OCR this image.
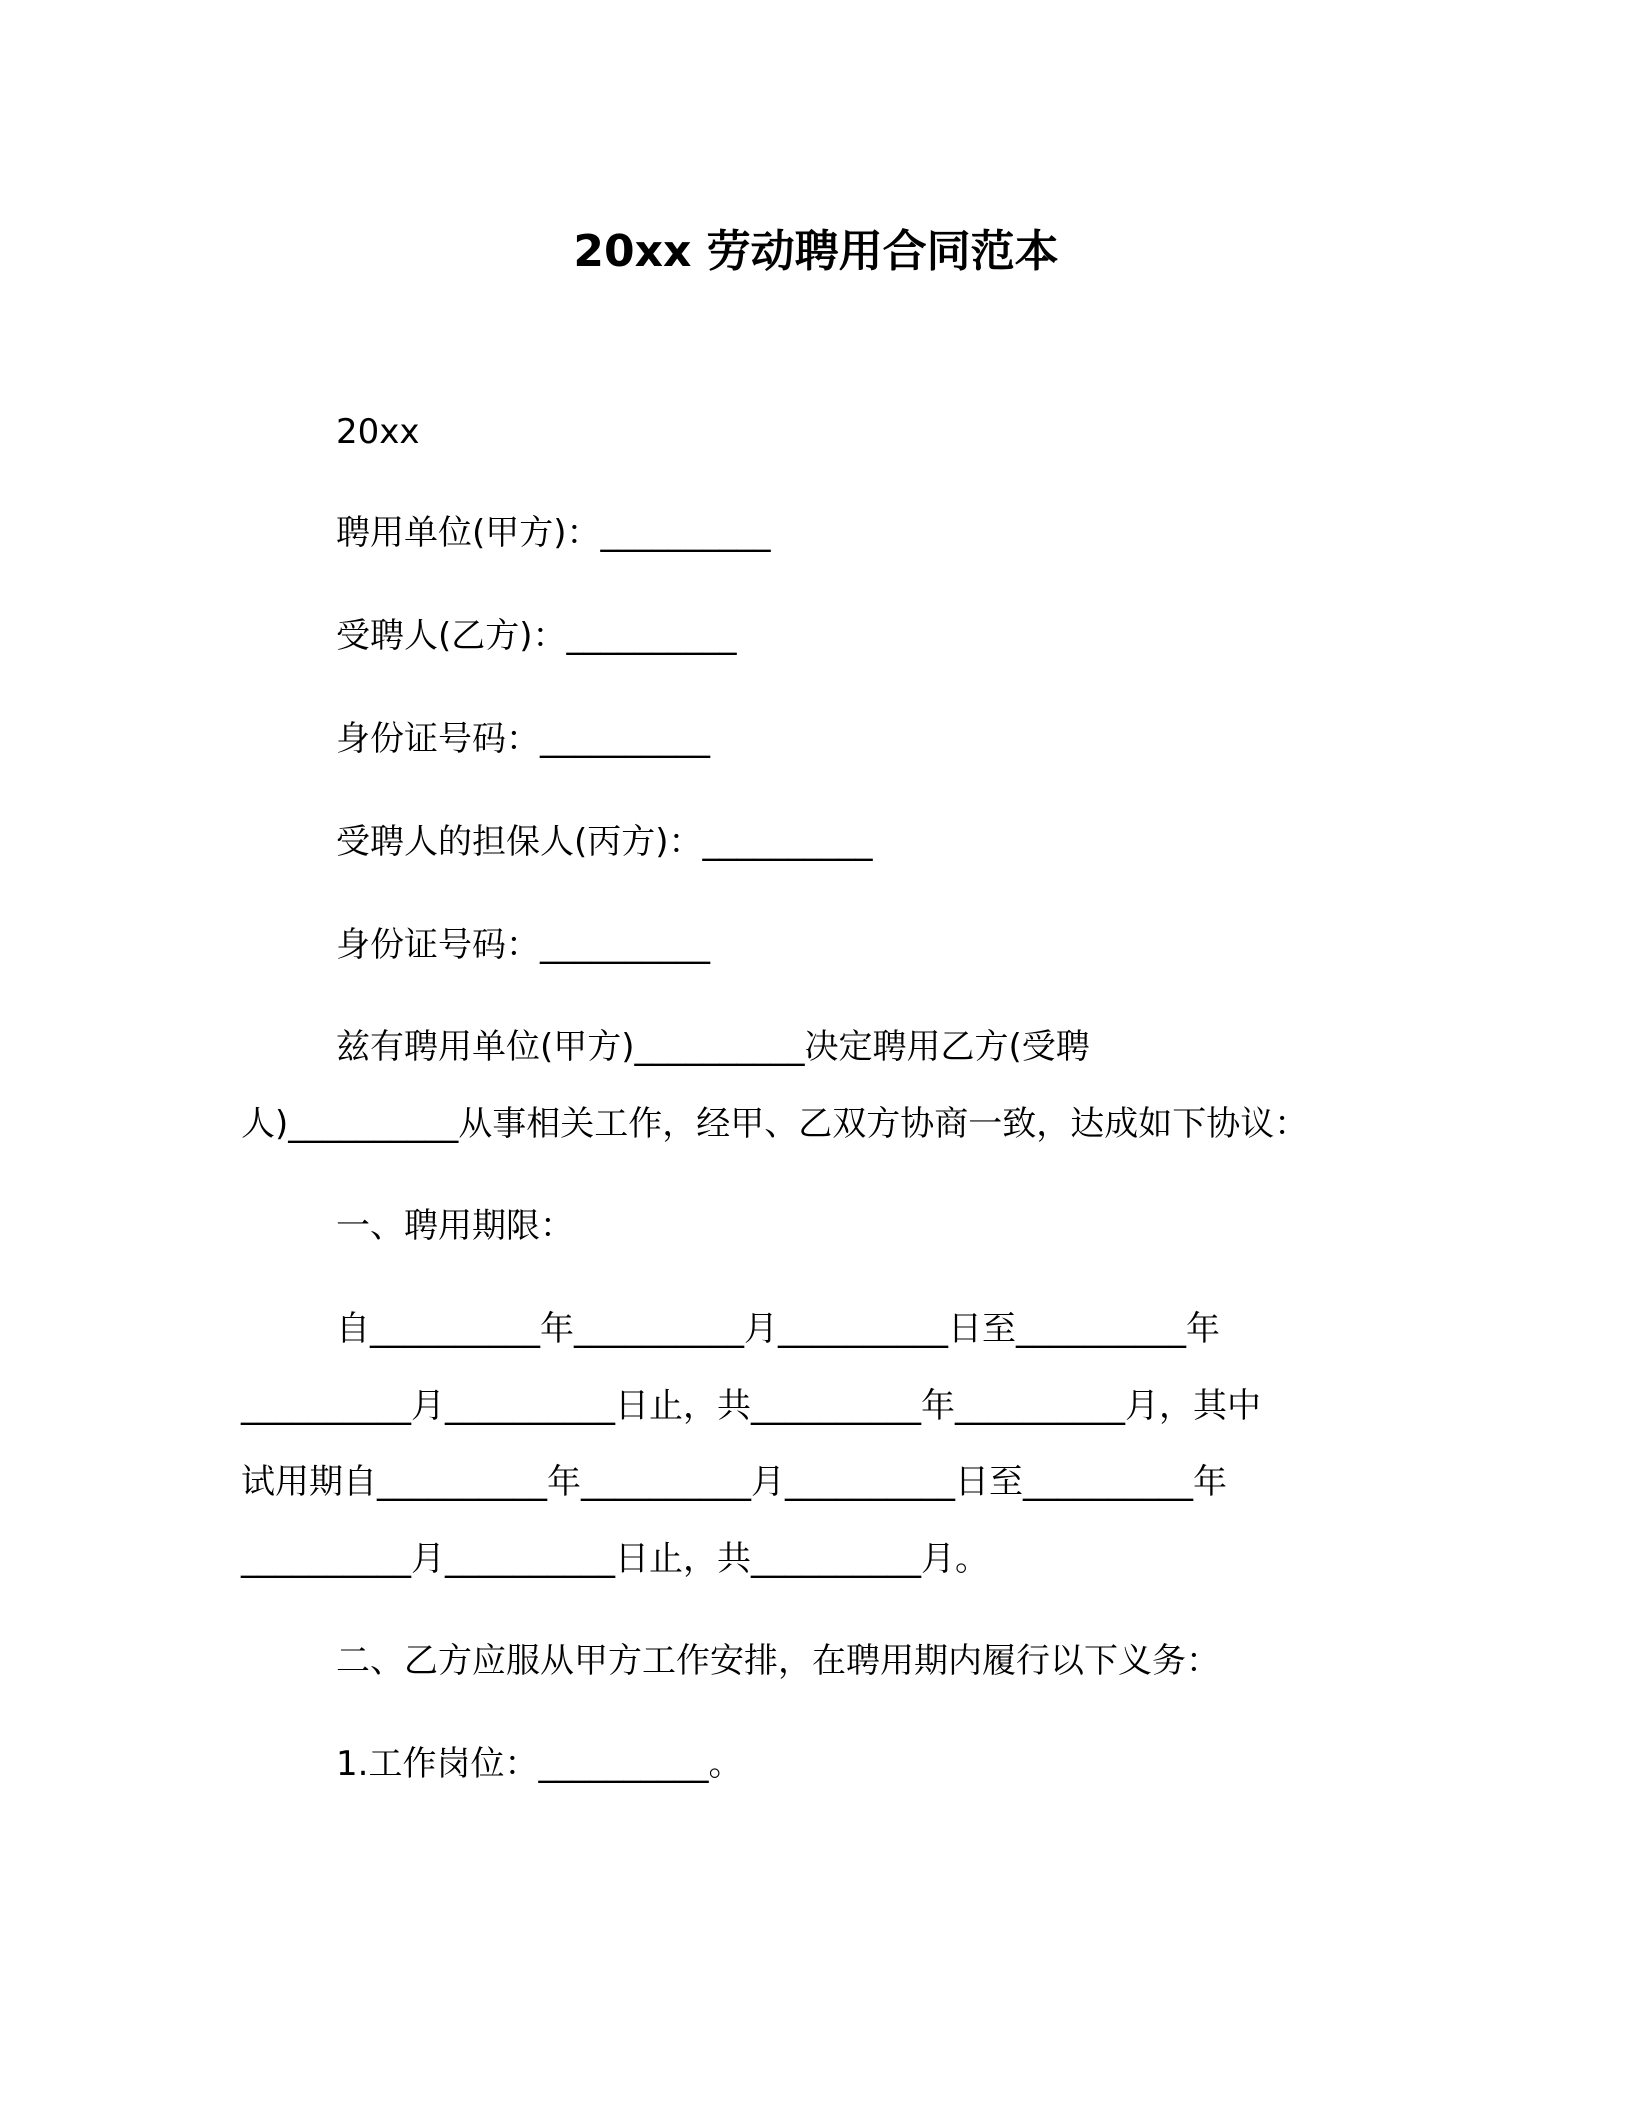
20xx 劳动聘用合同范本
20xx
聘用单位(甲方)：__________
受聘人(乙方)：__________
身份证号码：__________
受聘人的担保人(丙方)：__________
身份证号码：__________
兹有聘用单位(甲方)__________决定聘用乙方(受聘
人)__________从事相关工作，经甲、乙双方协商一致，达成如下协议：
一、聘用期限：
自__________年__________月__________日至__________年
__________月__________日止，共__________年__________月，其中
试用期自__________年__________月__________日至__________年
__________月__________日止，共__________月。
二、乙方应服从甲方工作安排，在聘用期内履行以下义务：
1.工作岗位：__________。
